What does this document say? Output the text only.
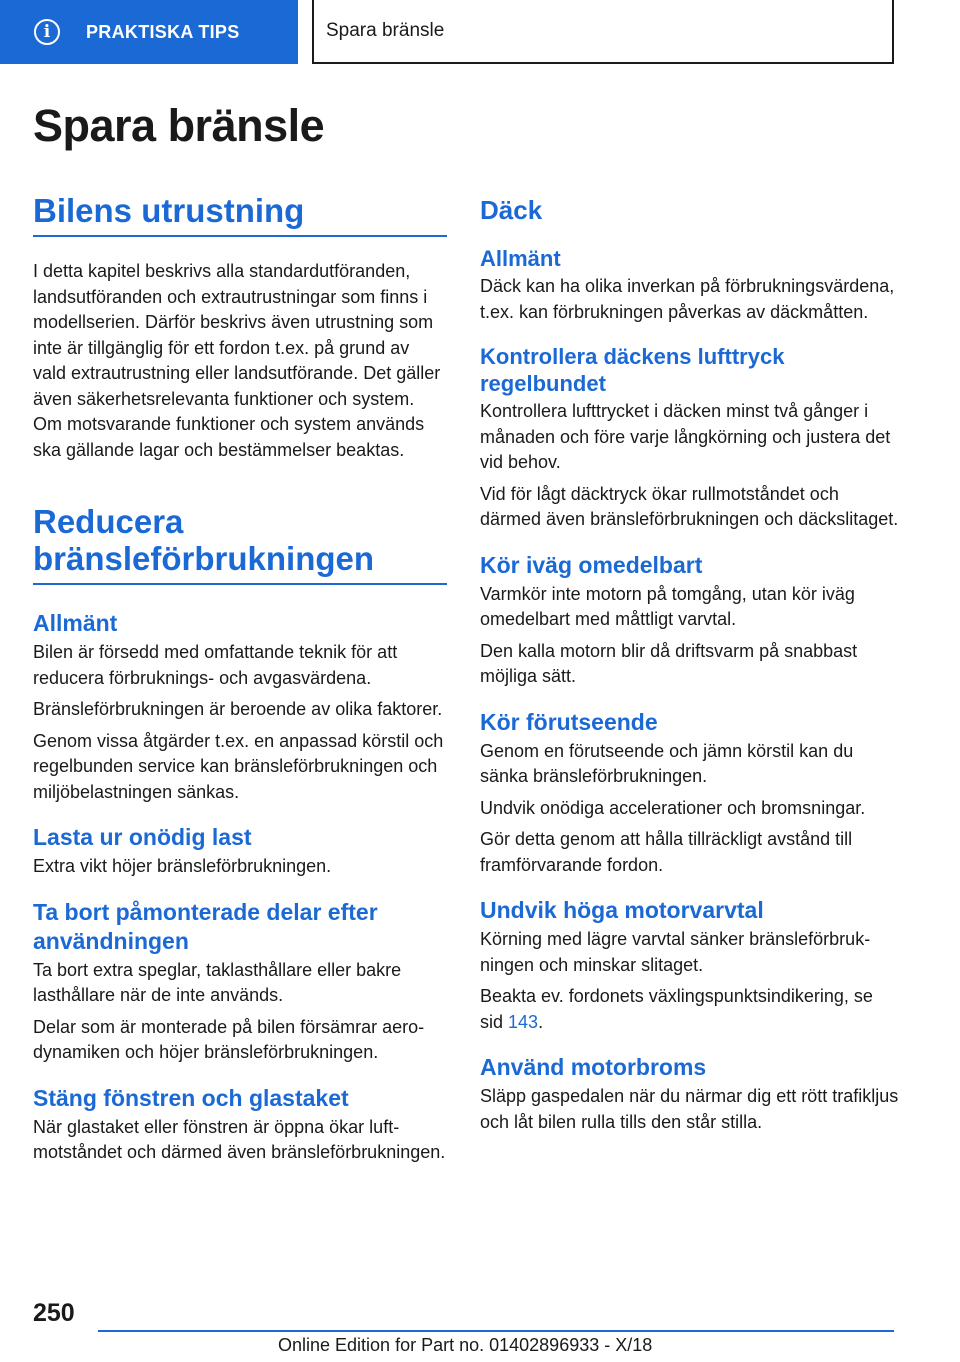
i	PRAKTISKA TIPS	Spara bränsle
Spara bränsle
Bilens utrustning

I detta kapitel beskrivs alla standardutföranden, landsutföranden och extrautrustningar som finns i modellserien. Därför beskrivs även utrustning som inte är tillgänglig för ett fordon t.ex. på grund av vald extrautrustning eller landsutförande. Det gäller även säkerhetsrelevanta funktioner och system. Om motsvarande funktioner och system används ska gällande lagar och bestämmelser beaktas.

Reducera bränsleförbrukningen
Allmänt

Bilen är försedd med omfattande teknik för att reducera förbruknings- och avgasvärdena.

Bränsleförbrukningen är beroende av olika faktorer.

Genom vissa åtgärder t.ex. en anpassad körstil och regelbunden service kan bränsleförbrukningen och miljöbelastningen sänkas.

Lasta ur onödig last

Extra vikt höjer bränsleförbrukningen.

Ta bort påmonterade delar efter användningen

Ta bort extra speglar, taklasthållare eller bakre lasthållare när de inte används.

Delar som är monterade på bilen försämrar aerodynamiken och höjer bränsleförbrukningen.

Stäng fönstren och glastaket

När glastaket eller fönstren är öppna ökar luftmotståndet och därmed även bränsleförbrukningen.

Däck
Allmänt

Däck kan ha olika inverkan på förbrukningsvärdena, t.ex. kan förbrukningen påverkas av däckmåtten.

Kontrollera däckens lufttryck regelbundet

Kontrollera lufttrycket i däcken minst två gånger i månaden och före varje långkörning och justera det vid behov.

Vid för lågt däcktryck ökar rullmotståndet och därmed även bränsleförbrukningen och däckslitaget.

Kör iväg omedelbart

Varmkör inte motorn på tomgång, utan kör iväg omedelbart med måttligt varvtal.

Den kalla motorn blir då driftsvarm på snabbast möjliga sätt.

Kör förutseende

Genom en förutseende och jämn körstil kan du sänka bränsleförbrukningen.

Undvik onödiga accelerationer och bromsningar.

Gör detta genom att hålla tillräckligt avstånd till framförvarande fordon.

Undvik höga motorvarvtal

Körning med lägre varvtal sänker bränsleförbrukningen och minskar slitaget.

Beakta ev. fordonets växlingspunktsindikering, se sid 143.

Använd motorbroms

Släpp gaspedalen när du närmar dig ett rött trafikljus och låt bilen rulla tills den står stilla.

250
Online Edition for Part no. 01402896933 - X/18
